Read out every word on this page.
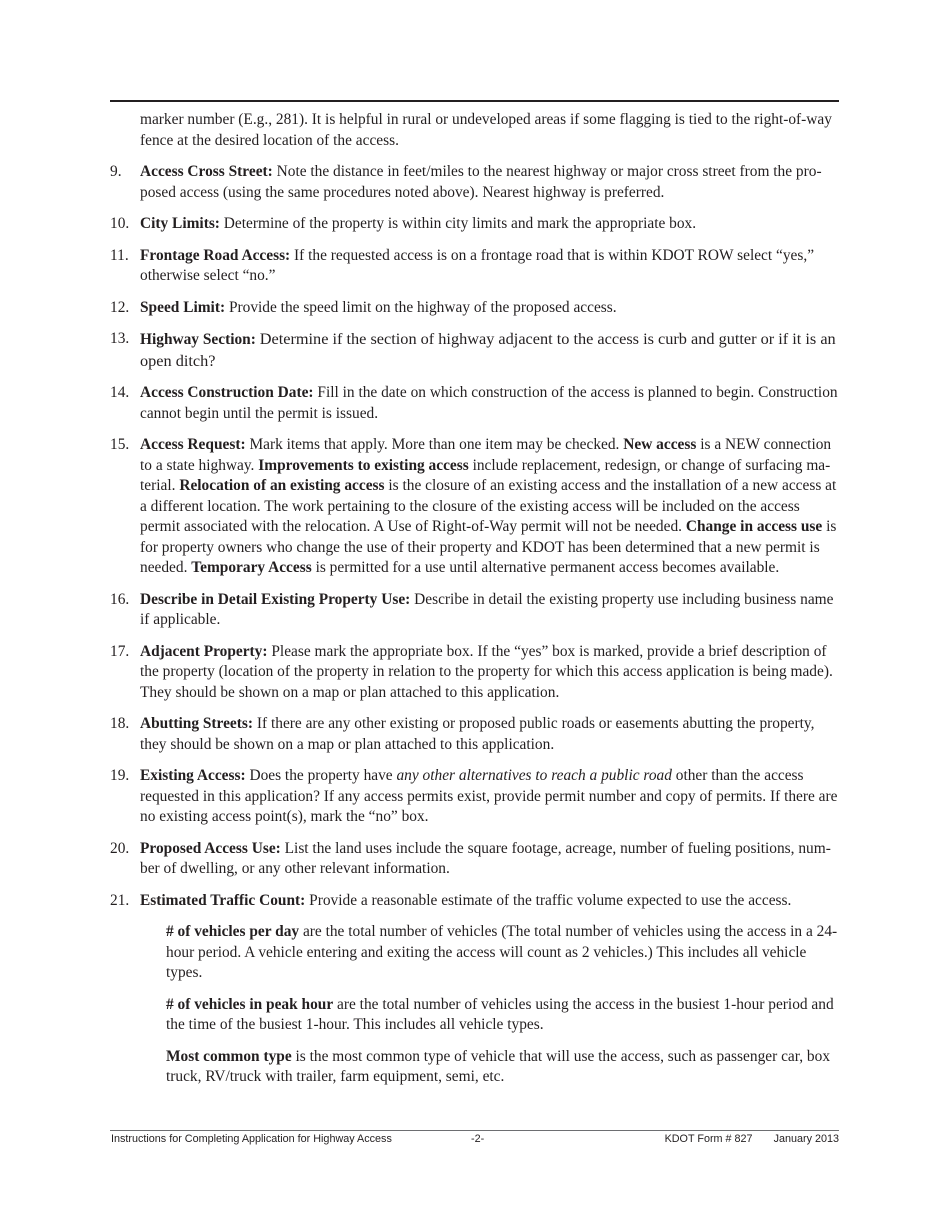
marker number (E.g., 281). It is helpful in rural or undeveloped areas if some flagging is tied to the right-of-way fence at the desired location of the access.

9.	Access Cross Street: Note the distance in feet/miles to the nearest highway or major cross street from the proposed access (using the same procedures noted above). Nearest highway is preferred.
10. City Limits: Determine of the property is within city limits and mark the appropriate box.
11. Frontage Road Access: If the requested access is on a frontage road that is within KDOT ROW select “yes,” otherwise select “no.”
12. Speed Limit: Provide the speed limit on the highway of the proposed access.
13. Highway Section: Determine if the section of highway adjacent to the access is curb and gutter or if it is an open ditch?
14. Access Construction Date: Fill in the date on which construction of the access is planned to begin. Construction cannot begin until the permit is issued.
15. Access Request: Mark items that apply. More than one item may be checked. New access is a NEW connection to a state highway. Improvements to existing access include replacement, redesign, or change of surfacing material. Relocation of an existing access is the closure of an existing access and the installation of a new access at a different location. The work pertaining to the closure of the existing access will be included on the access permit associated with the relocation. A Use of Right-of-Way permit will not be needed. Change in access use is for property owners who change the use of their property and KDOT has been determined that a new permit is needed. Temporary Access is permitted for a use until alternative permanent access becomes available.
16. Describe in Detail Existing Property Use: Describe in detail the existing property use including business name if applicable.
17. Adjacent Property: Please mark the appropriate box. If the “yes” box is marked, provide a brief description of the property (location of the property in relation to the property for which this access application is being made). They should be shown on a map or plan attached to this application.
18. Abutting Streets: If there are any other existing or proposed public roads or easements abutting the property, they should be shown on a map or plan attached to this application.
19. Existing Access: Does the property have any other alternatives to reach a public road other than the access requested in this application? If any access permits exist, provide permit number and copy of permits. If there are no existing access point(s), mark the “no” box.
20. Proposed Access Use: List the land uses include the square footage, acreage, number of fueling positions, number of dwelling, or any other relevant information.
21. Estimated Traffic Count: Provide a reasonable estimate of the traffic volume expected to use the access.

# of vehicles per day are the total number of vehicles (The total number of vehicles using the access in a 24-hour period. A vehicle entering and exiting the access will count as 2 vehicles.) This includes all vehicle types.

# of vehicles in peak hour are the total number of vehicles using the access in the busiest 1-hour period and the time of the busiest 1-hour. This includes all vehicle types.

Most common type is the most common type of vehicle that will use the access, such as passenger car, box truck, RV/truck with trailer, farm equipment, semi, etc.

Instructions for Completing Application for Highway Access	-2-	KDOT Form # 827       January 2013
